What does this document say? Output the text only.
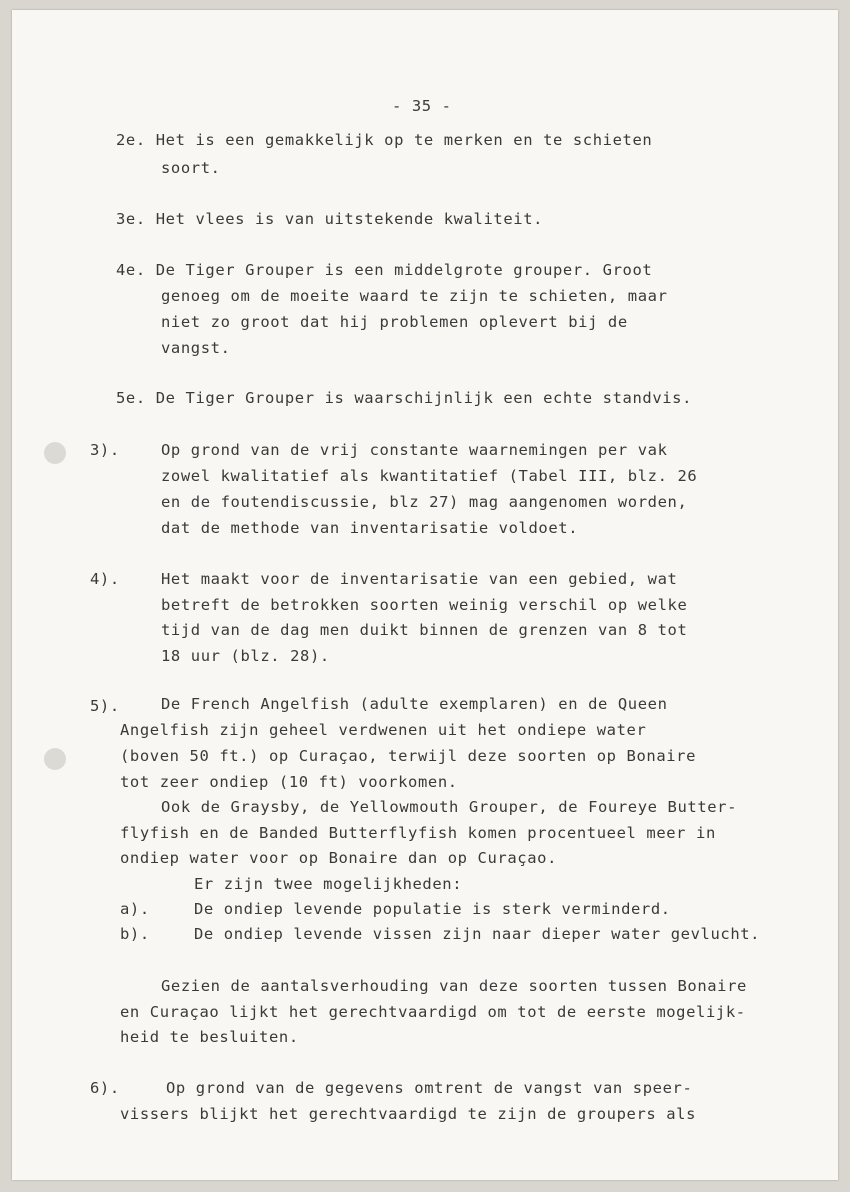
- 35 -
2e. Het is een gemakkelijk op te merken en te schieten
soort.
3e. Het vlees is van uitstekende kwaliteit.
4e. De Tiger Grouper is een middelgrote grouper. Groot
genoeg om de moeite waard te zijn te schieten, maar
niet zo groot dat hij problemen oplevert bij de
vangst.
5e. De Tiger Grouper is waarschijnlijk een echte standvis.
3).	Op grond van de vrij constante waarnemingen per vak
zowel kwalitatief als kwantitatief (Tabel III, blz. 26
en de foutendiscussie, blz 27) mag aangenomen worden,
dat de methode van inventarisatie voldoet.
4).	Het maakt voor de inventarisatie van een gebied, wat
betreft de betrokken soorten weinig verschil op welke
tijd van de dag men duikt binnen de grenzen van 8 tot
18 uur (blz. 28).
5).	De French Angelfish (adulte exemplaren) en de Queen
Angelfish zijn geheel verdwenen uit het ondiepe water
(boven 50 ft.) op Curaçao, terwijl deze soorten op Bonaire
tot zeer ondiep (10 ft) voorkomen.
Ook de Graysby, de Yellowmouth Grouper, de Foureye Butter-
flyfish en de Banded Butterflyfish komen procentueel meer in
ondiep water voor op Bonaire dan op Curaçao.
Er zijn twee mogelijkheden:
a).	De ondiep levende populatie is sterk verminderd.
b).	De ondiep levende vissen zijn naar dieper water gevlucht.
Gezien de aantalsverhouding van deze soorten tussen Bonaire
en Curaçao lijkt het gerechtvaardigd om tot de eerste mogelijk-
heid te besluiten.
6).	Op grond van de gegevens omtrent de vangst van speer-
vissers blijkt het gerechtvaardigd te zijn de groupers als
